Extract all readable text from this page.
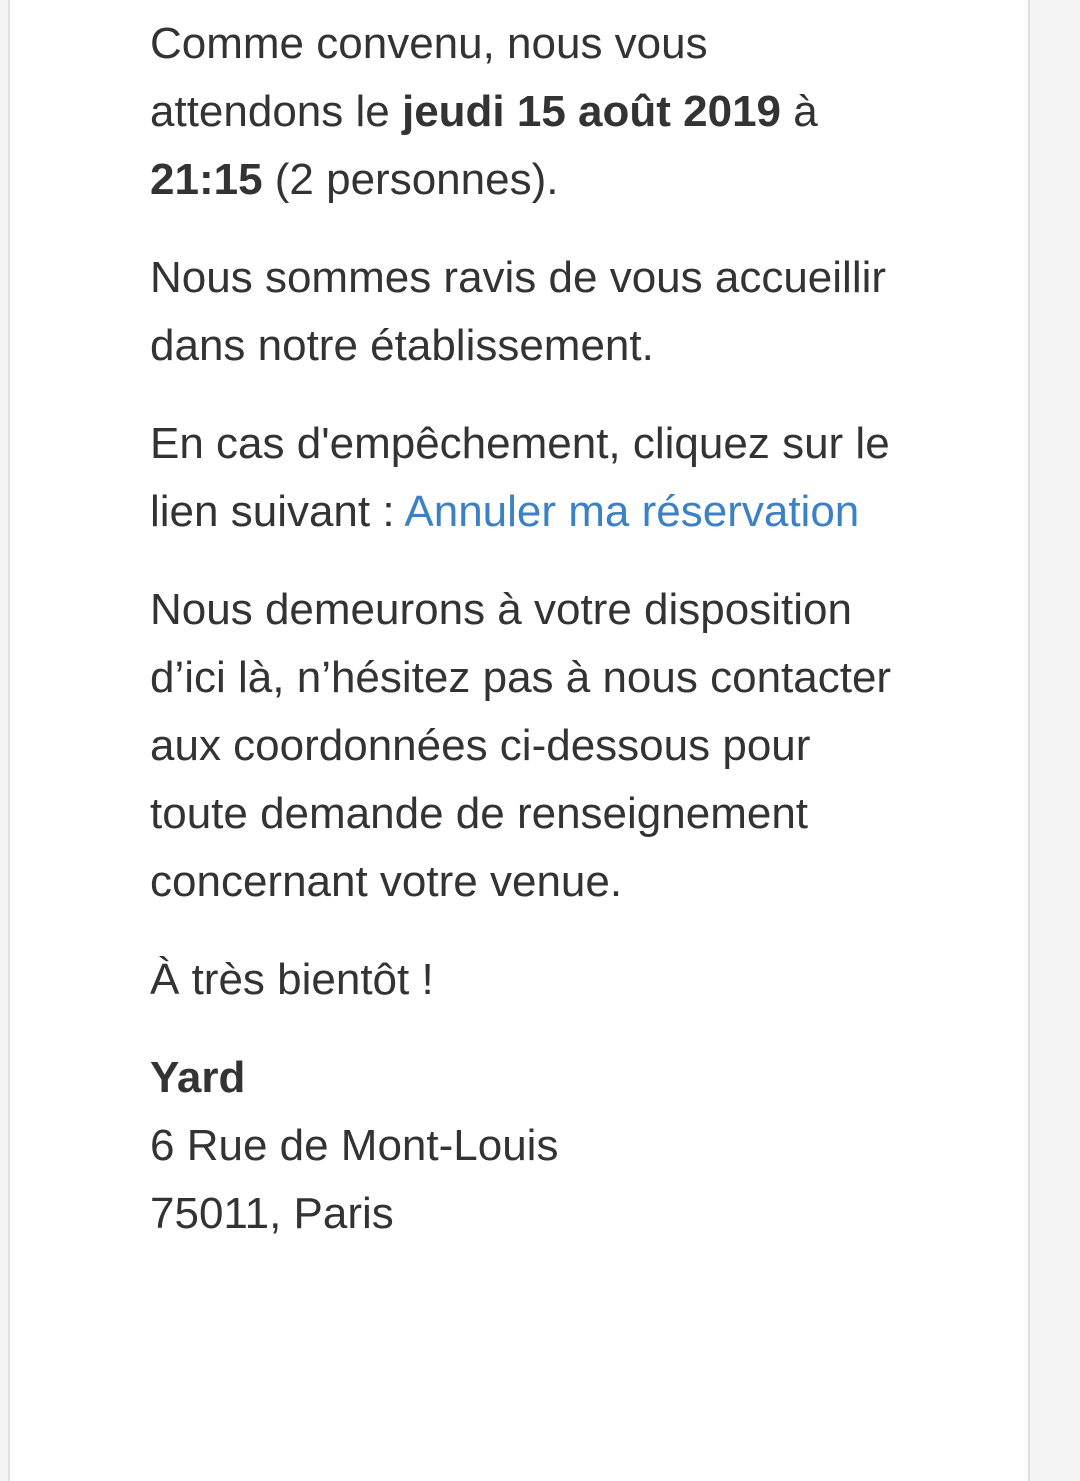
Comme convenu, nous vous attendons le jeudi 15 août 2019 à 21:15 (2 personnes).

Nous sommes ravis de vous accueillir dans notre établissement.

En cas d'empêchement, cliquez sur le lien suivant : Annuler ma réservation

Nous demeurons à votre disposition d’ici là, n’hésitez pas à nous contacter aux coordonnées ci-dessous pour toute demande de renseignement concernant votre venue.

À très bientôt !

Yard
6 Rue de Mont-Louis
75011, Paris
